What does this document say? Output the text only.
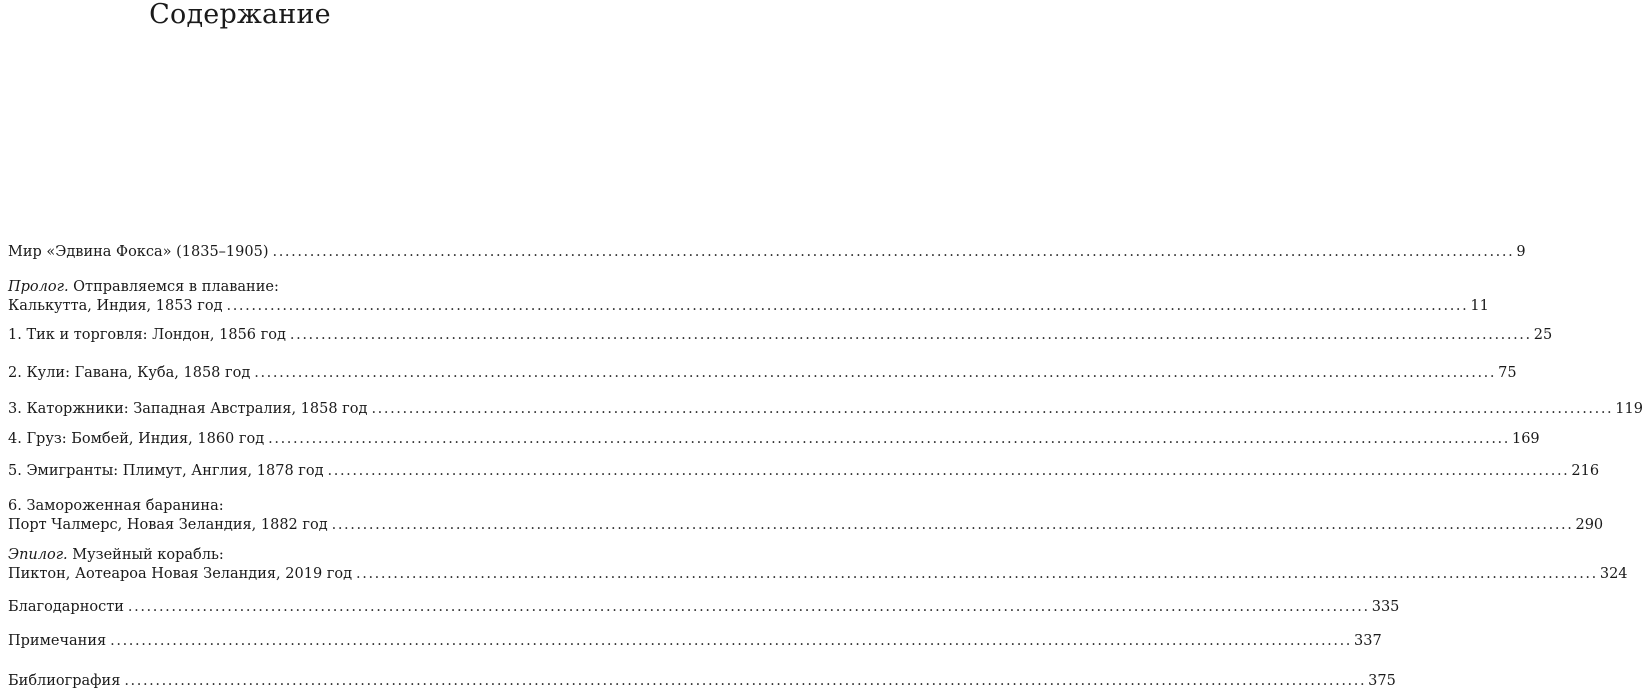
Содержание
Мир «Эдвина Фокса» (1835–1905) ........................................................................................................................................................................................................ 9
Пролог. Отправляемся в плавание:
Калькутта, Индия, 1853 год ........................................................................................................................................................................................................ 11
1. Тик и торговля: Лондон, 1856 год ........................................................................................................................................................................................................ 25
2. Кули: Гавана, Куба, 1858 год ........................................................................................................................................................................................................ 75
3. Каторжники: Западная Австралия, 1858 год ........................................................................................................................................................................................................ 119
4. Груз: Бомбей, Индия, 1860 год ........................................................................................................................................................................................................ 169
5. Эмигранты: Плимут, Англия, 1878 год ........................................................................................................................................................................................................ 216
6. Замороженная баранина:
Порт Чалмерс, Новая Зеландия, 1882 год ........................................................................................................................................................................................................ 290
Эпилог. Музейный корабль:
Пиктон, Аотеароа Новая Зеландия, 2019 год ........................................................................................................................................................................................................ 324
Благодарности ........................................................................................................................................................................................................ 335
Примечания ........................................................................................................................................................................................................ 337
Библиография ........................................................................................................................................................................................................ 375
